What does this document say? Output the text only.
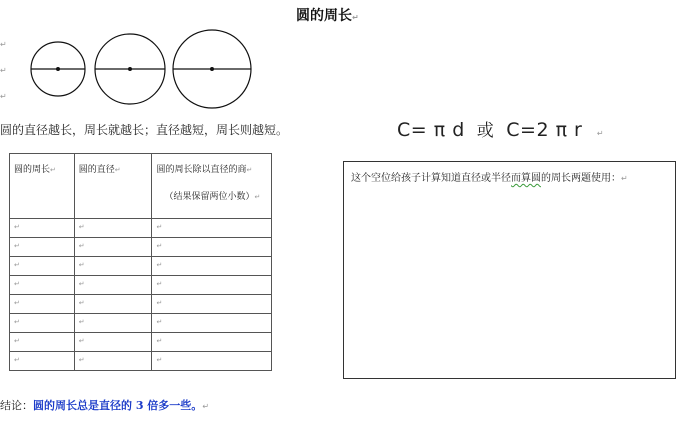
圆的周长↵
↵
↵
↵
圆的直径越长，周长就越长；直径越短，周长则越短。	C= π d 或 C=2 π r ↵
圆的周长↵	圆的直径↵	圆的周长除以直径的商↵
（结果保留两位小数）↵

↵	↵	↵
↵	↵	↵
↵	↵	↵
↵	↵	↵
↵	↵	↵
↵	↵	↵
↵	↵	↵
↵	↵	↵
这个空位给孩子计算知道直径或半径而算圆的周长两题使用：↵
结论：圆的周长总是直径的 3 倍多一些。↵
